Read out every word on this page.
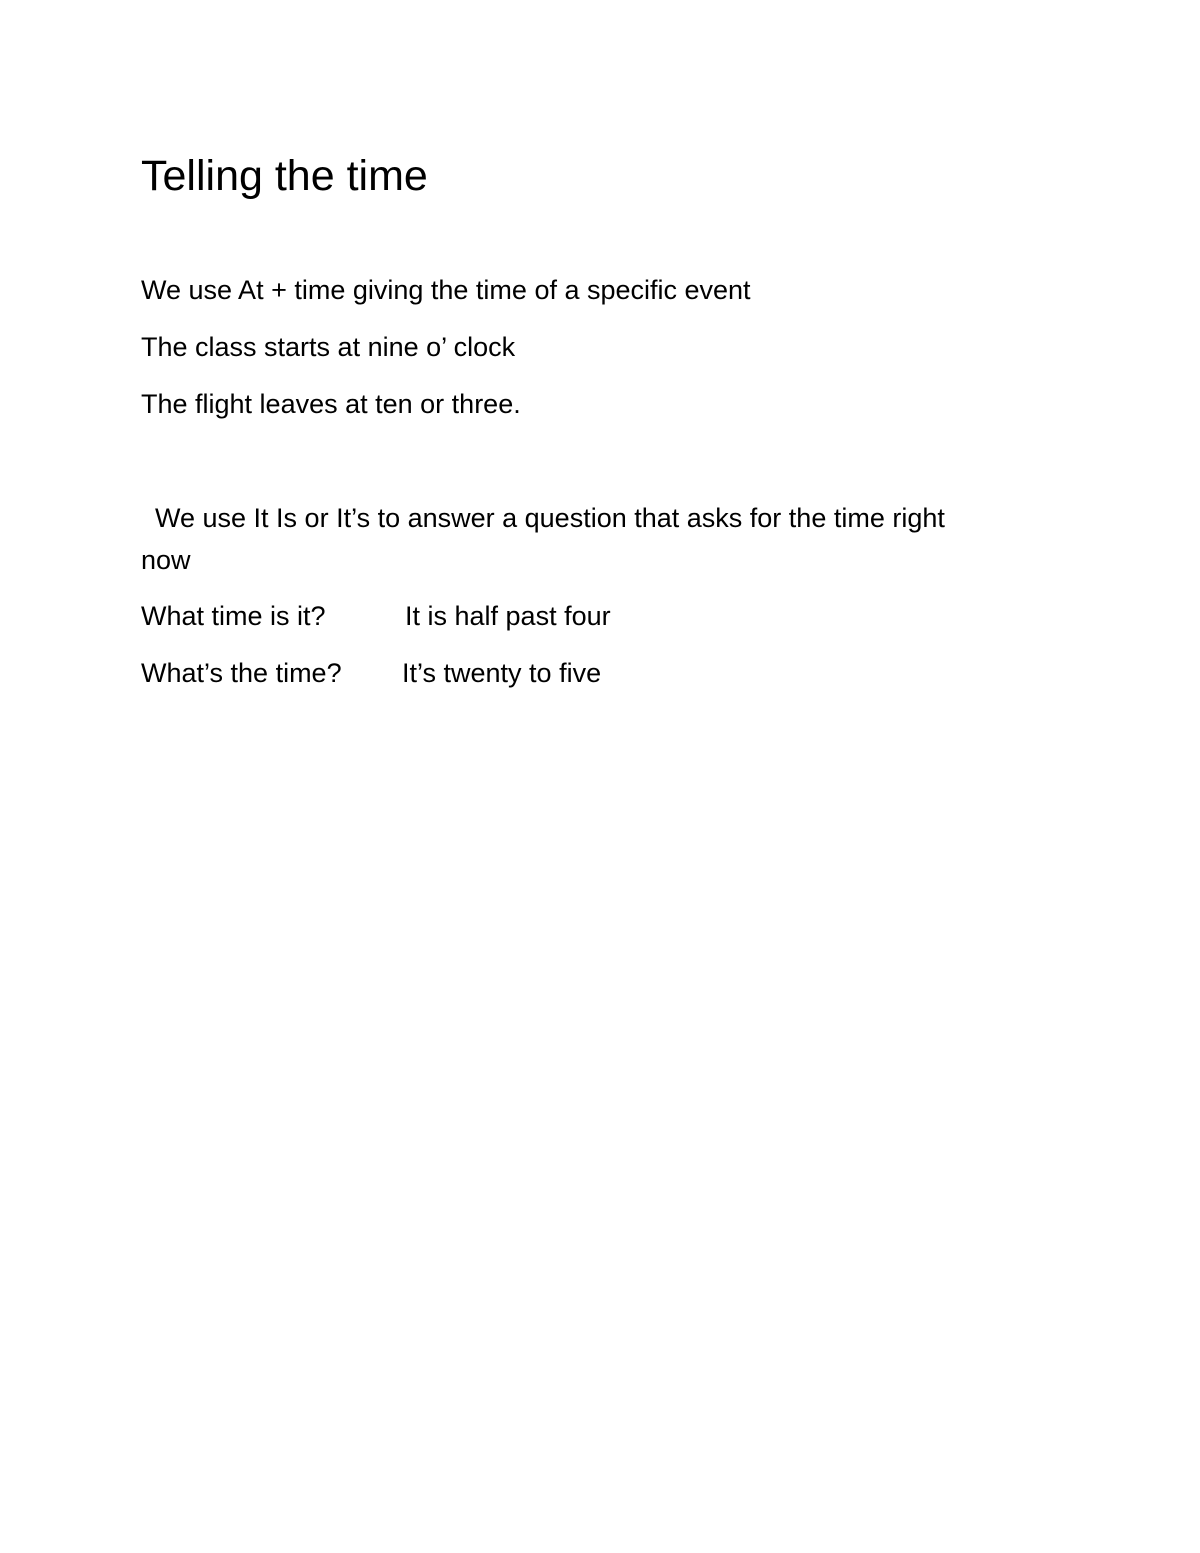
Telling the time

We use At + time giving the time of a specific event

The class starts at nine o’ clock

The flight leaves at ten or three.

We use It Is or It’s to answer a question that asks for the time right

now

What time is it?	It is half past four
What’s the time? It’s twenty to five
